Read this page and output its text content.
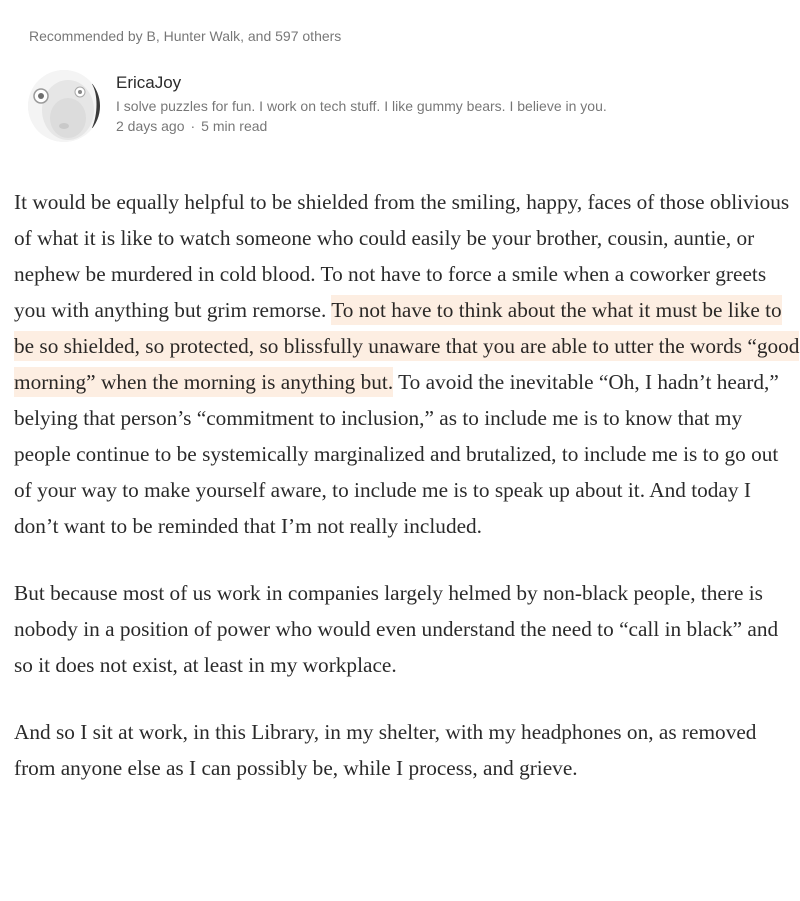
Recommended by B, Hunter Walk, and 597 others
EricaJoy
I solve puzzles for fun. I work on tech stuff. I like gummy bears. I believe in you.
2 days ago · 5 min read

It would be equally helpful to be shielded from the smiling, happy, faces of those oblivious of what it is like to watch someone who could easily be your brother, cousin, auntie, or nephew be murdered in cold blood. To not have to force a smile when a coworker greets you with anything but grim remorse. To not have to think about the what it must be like to be so shielded, so protected, so blissfully unaware that you are able to utter the words “good morning” when the morning is anything but. To avoid the inevitable “Oh, I hadn’t heard,” belying that person’s “commitment to inclusion,” as to include me is to know that my people continue to be systemically marginalized and brutalized, to include me is to go out of your way to make yourself aware, to include me is to speak up about it. And today I don’t want to be reminded that I’m not really included.

But because most of us work in companies largely helmed by non-black people, there is nobody in a position of power who would even understand the need to “call in black” and so it does not exist, at least in my workplace.

And so I sit at work, in this Library, in my shelter, with my headphones on, as removed from anyone else as I can possibly be, while I process, and grieve.
